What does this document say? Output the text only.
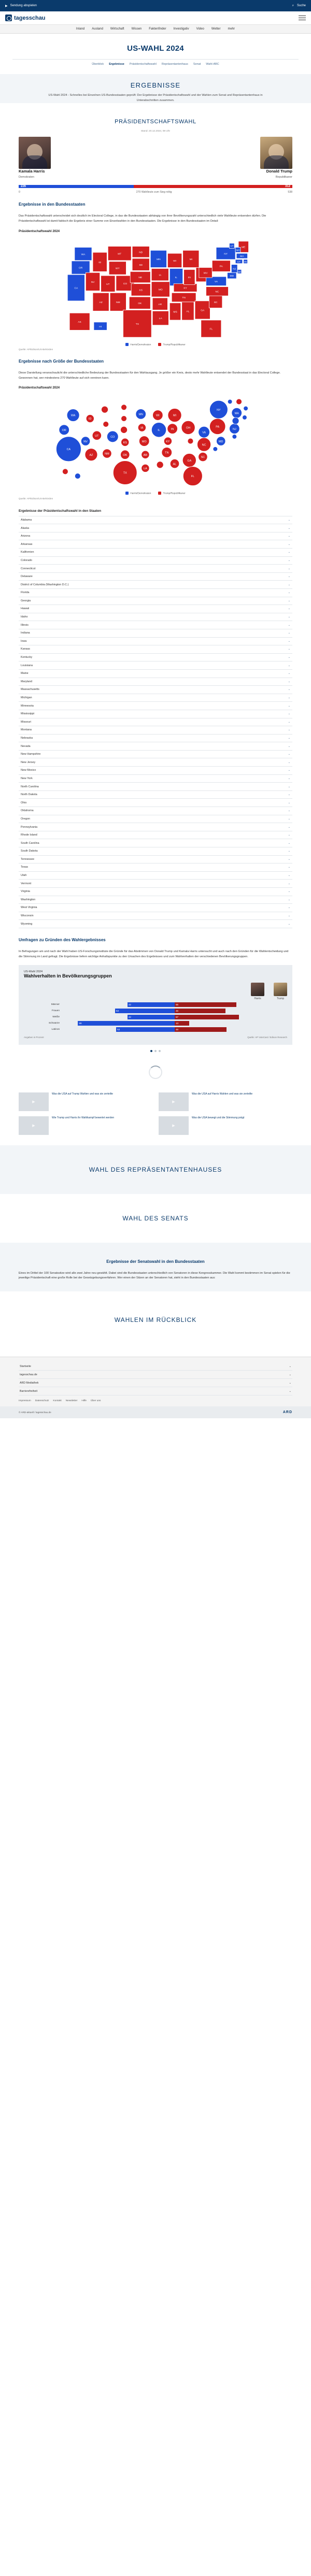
▶ Sendung abspielen	⌕ Suche
tagesschau
Inland Ausland Wirtschaft Wissen Faktenfinder Investigativ Video Wetter mehr
US-WAHL 2024
Überblick Ergebnisse Präsidentschaftswahl Repräsentantenhaus Senat Wahl-ABC
ERGEBNISSE
US-Wahl 2024 - Schnelles bei Einzelnen US-Bundesstaaten geprüft: Der Ergebnisse der Präsidentschaftswahl und der Wahlen zum Senat und Repräsentantenhaus in Unterabschnitten zusammen.
PRÄSIDENTSCHAFTSWAHL
Stand: 20.12.2024, 08 Uhr
Kamala Harris
Demokraten
Donald Trump
Republikaner
226	312
0	270 Wahlleute zum Sieg nötig	538
Ergebnisse in den Bundesstaaten
Das Präsidentschaftswahl unterscheidet sich deutlich im Electoral College, in das die Bundesstaaten abhängig von ihrer Bevölkerungszahl unterschiedlich viele Wahlleute entsenden dürfen. Die Präsidentschaftswahl ist damit faktisch die Ergebnis einer Summe von Einzelwahlen in den Bundesstaaten. Die Ergebnisse in den Bundesstaaten im Detail:
Präsidentschaftswahl 2024
WA
OR
CA
NV
ID
MT
WY
UT
AZ	NM
CO
ND
SD
NE
KS
OK
TX
MN
IA
MO
AR
LA
WI
IL
MS	AL
TN
KY
IN
MI
GA
FL
SC
NC
VA
WV
PA
NY
ME
MD
NJ
MA
CT
NH
VT
DE
RI
AK
HI
Harris/Demokraten	Trump/Republikaner
Quelle: AP/Edison/US-Behörden
Ergebnisse nach Größe der Bundesstaaten
Diese Darstellung veranschaulicht die unterschiedliche Bedeutung der Bundesstaaten für den Wahlausgang. Je größer ein Kreis, desto mehr Wahlleute entsendet der Bundesstaat in das Electoral College. Gewonnen hat, wer mindestens 270 Wahlleute auf sich vereinen kann.
Präsidentschaftswahl 2024
WA
OR
CA
NV
ID
UT
AZ	NM
CO
KS
OK
TX
MN
IA
MO
AR
LA
WI
IL
AL
TN
KY
IN
MI
OH
GA
FL
SC
NC
VA
PA
NY
MD
NJ
MA
Harris/Demokraten	Trump/Republikaner
Quelle: AP/Edison/US-Behörden
Ergebnisse der Präsidentschaftswahl in den Staaten
Alabama	⌄
Alaska	⌄
Arizona	⌄
Arkansas	⌄
Kalifornien	⌄
Colorado	⌄
Connecticut	⌄
Delaware	⌄
District of Columbia (Washington D.C.)	⌄
Florida	⌄
Georgia	⌄
Hawaii	⌄
Idaho	⌄
Illinois	⌄
Indiana	⌄
Iowa	⌄
Kansas	⌄
Kentucky	⌄
Louisiana	⌄
Maine	⌄
Maryland	⌄
Massachusetts	⌄
Michigan	⌄
Minnesota	⌄
Mississippi	⌄
Missouri	⌄
Montana	⌄
Nebraska	⌄
Nevada	⌄
New Hampshire	⌄
New Jersey	⌄
New Mexico	⌄
New York	⌄
North Carolina	⌄
North Dakota	⌄
Ohio	⌄
Oklahoma	⌄
Oregon	⌄
Pennsylvania	⌄
Rhode Island	⌄
South Carolina	⌄
South Dakota	⌄
Tennessee	⌄
Texas	⌄
Utah	⌄
Vermont	⌄
Virginia	⌄
Washington	⌄
West Virginia	⌄
Wisconsin	⌄
Wyoming	⌄
Umfragen zu Gründen des Wahlergebnisses
In Befragungen am und nach der Wahl haben US-Forschungsinstitute die Gründe für das Abstimmen von Donald Trump und Kamala Harris untersucht und auch nach den Gründen für die Wahlentscheidung und die Stimmung im Land gefragt. Die Ergebnisse liefern wichtige Anhaltspunkte zu den Ursachen des Ergebnisses und zum Wahlverhalten der verschiedenen Bevölkerungsgruppen.
US-Wahl 2024
Wahlverhalten in Bevölkerungsgruppen
Harris	Trump
Männer	42	55
Frauen	53	45
Weiße	42	57
Schwarze	86	13
Latinos	52	46
Angaben in Prozent	Quelle: AP VoteCast / Edison Research
▶
Was die USA auf Trump Wahlen und was sie zerteilte ▶	Was die USA auf Harris Wahlen und was sie zerteilte
▶
Wie Trump und Harris ihr Wahlkampf bewertet werden ▶	Was die USA bewegt und die Stimmung prägt
WAHL DES REPRÄSENTANTENHAUSES
WAHL DES SENATS
Ergebnisse der Senatswahl in den Bundesstaaten
Eines im Drittel der 100 Senatssitze wird alle zwei Jahre neu gewählt. Dabei sind die Bundesstaaten unterschiedlich von Senatoren in diese Kongresskammer. Die Wahl kommt bestimmen im Senat spielen für die jeweilige Präsidentschaft eine große Rolle bei der Gesetzgebungsverfahren. Wer einen der Sitzen an der Senatoren hat, steht in den Bundesstaaten aus:
WAHLEN IM RÜCKBLICK
Startseite	⌄
tagesschau.de	⌄
ARD Mediathek	⌄
Barrierefreiheit	⌄
Impressum Datenschutz Kontakt Newsletter Hilfe Über uns
© ARD-aktuell / tagesschau.de	ARD
